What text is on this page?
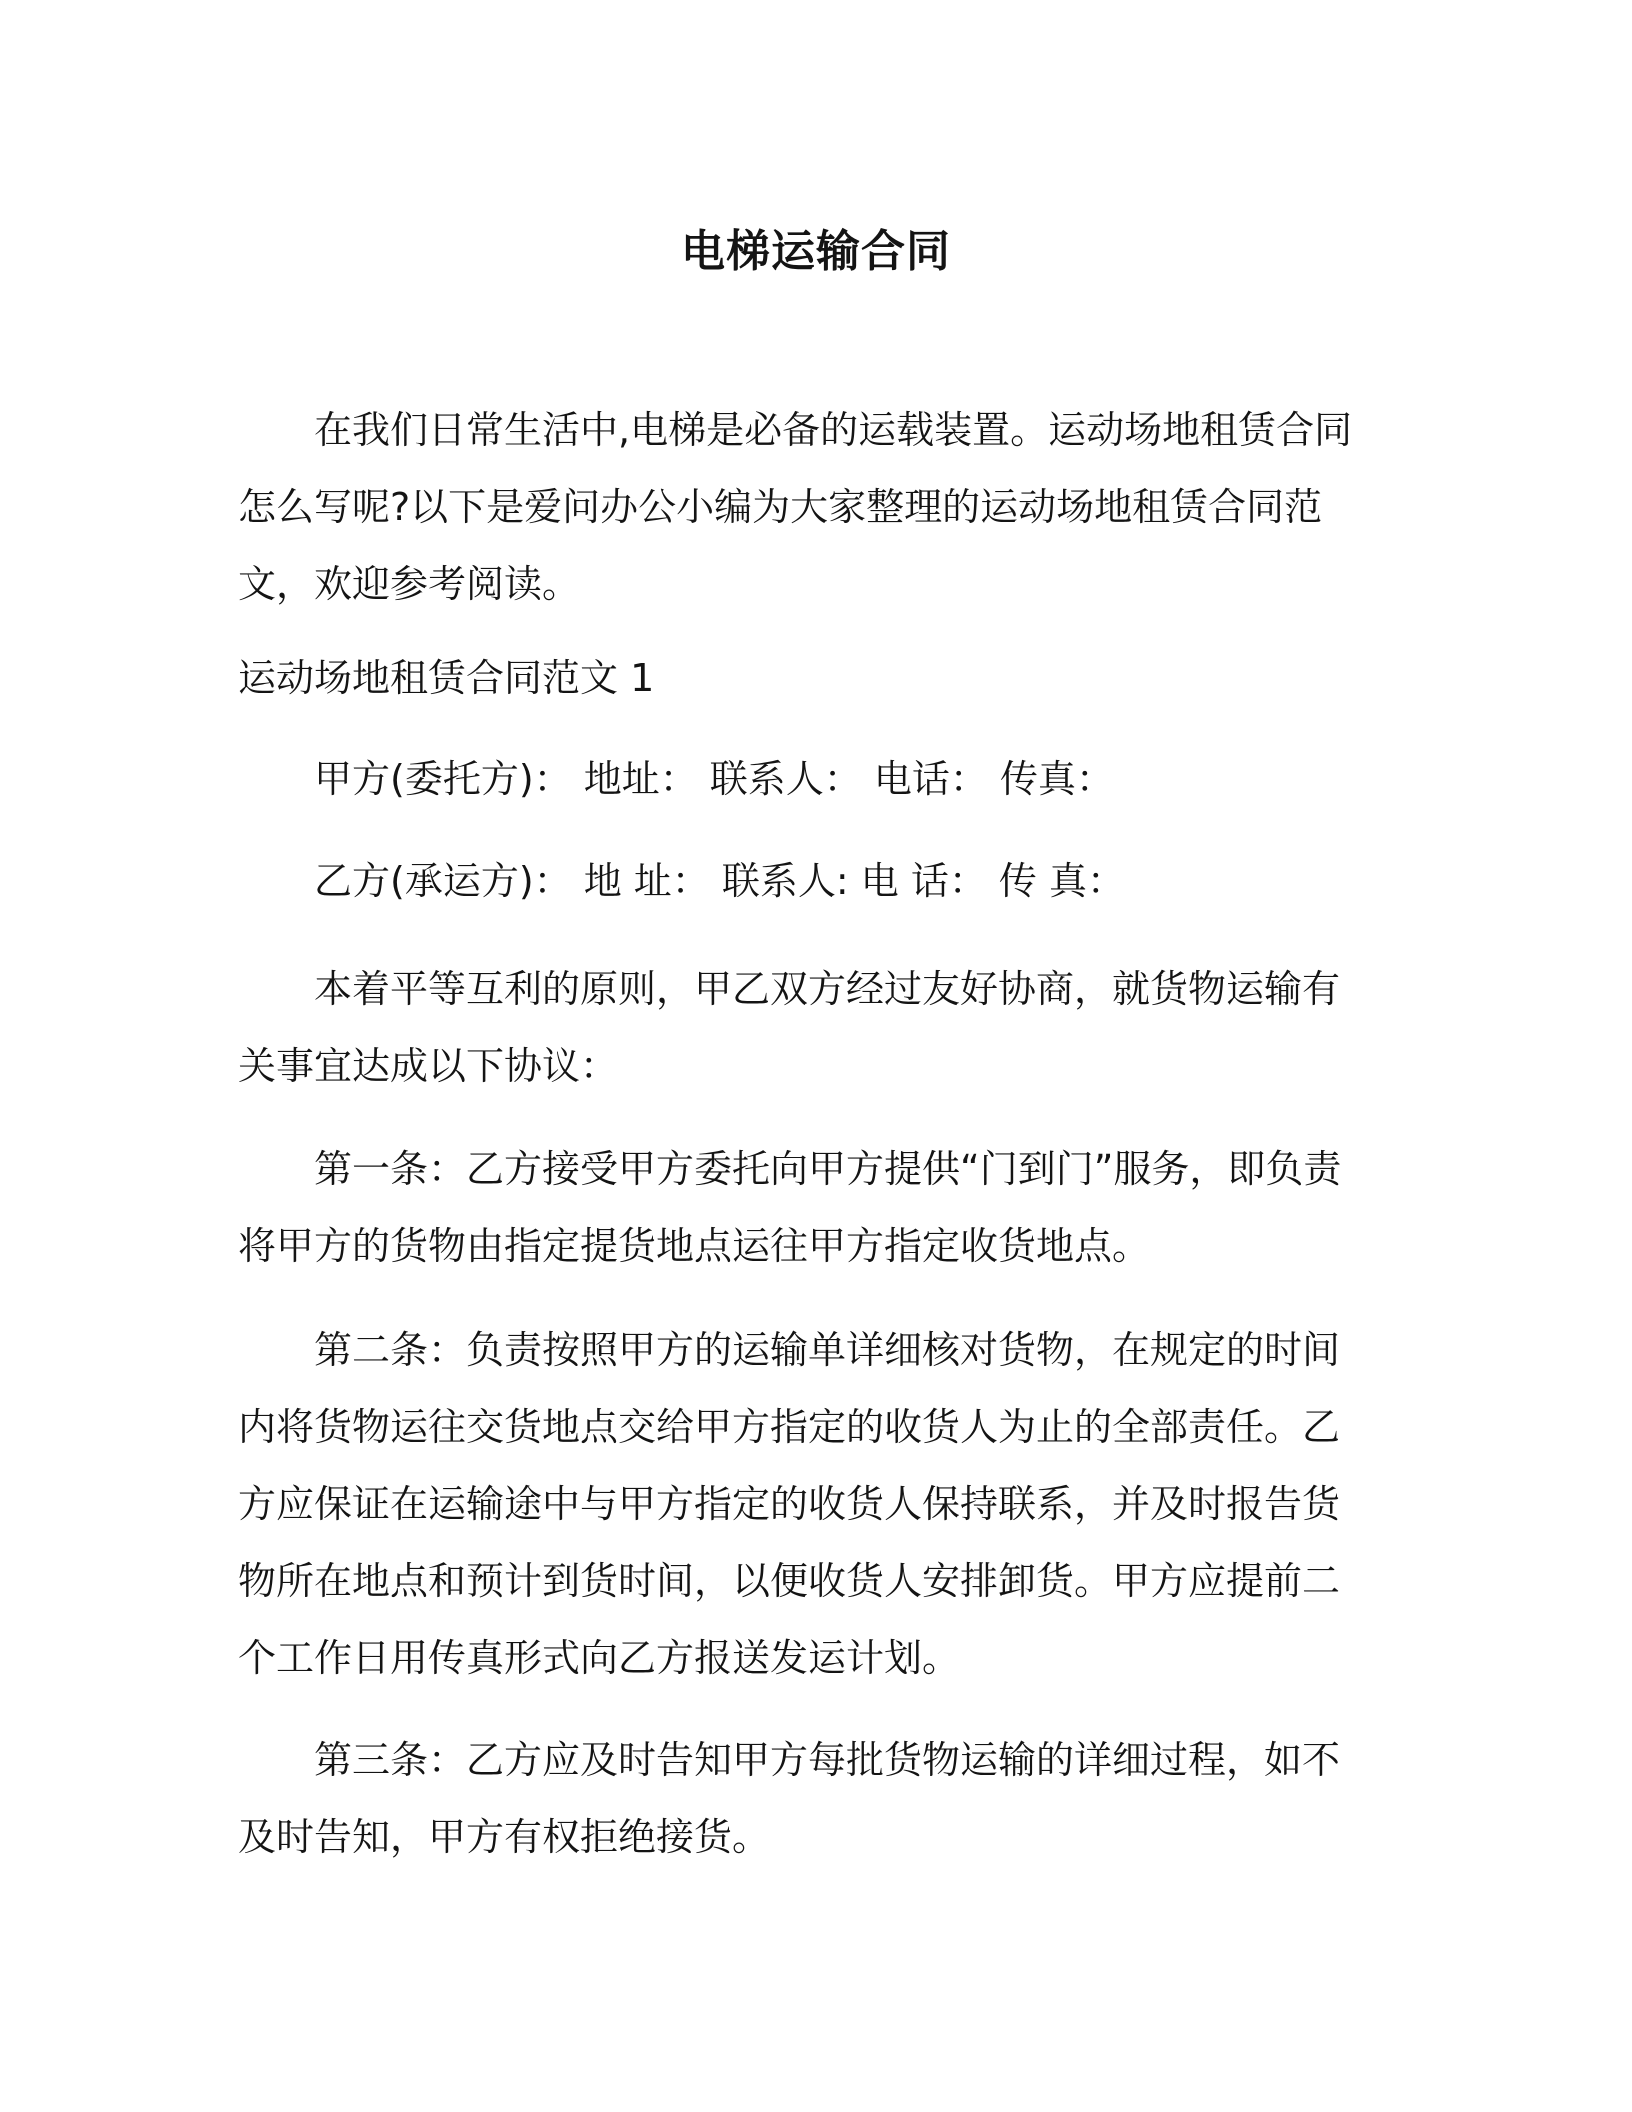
电梯运输合同
在我们日常生活中,电梯是必备的运载装置。运动场地租赁合同怎么写呢?以下是爱问办公小编为大家整理的运动场地租赁合同范文，欢迎参考阅读。
运动场地租赁合同范文 1
甲方(委托方)： 地址： 联系人： 电话： 传真：
乙方(承运方)： 地 址： 联系人: 电 话： 传 真：
本着平等互利的原则，甲乙双方经过友好协商，就货物运输有关事宜达成以下协议：
第一条：乙方接受甲方委托向甲方提供“门到门”服务，即负责将甲方的货物由指定提货地点运往甲方指定收货地点。
第二条：负责按照甲方的运输单详细核对货物，在规定的时间内将货物运往交货地点交给甲方指定的收货人为止的全部责任。乙方应保证在运输途中与甲方指定的收货人保持联系，并及时报告货物所在地点和预计到货时间，以便收货人安排卸货。甲方应提前二个工作日用传真形式向乙方报送发运计划。
第三条：乙方应及时告知甲方每批货物运输的详细过程，如不及时告知，甲方有权拒绝接货。
